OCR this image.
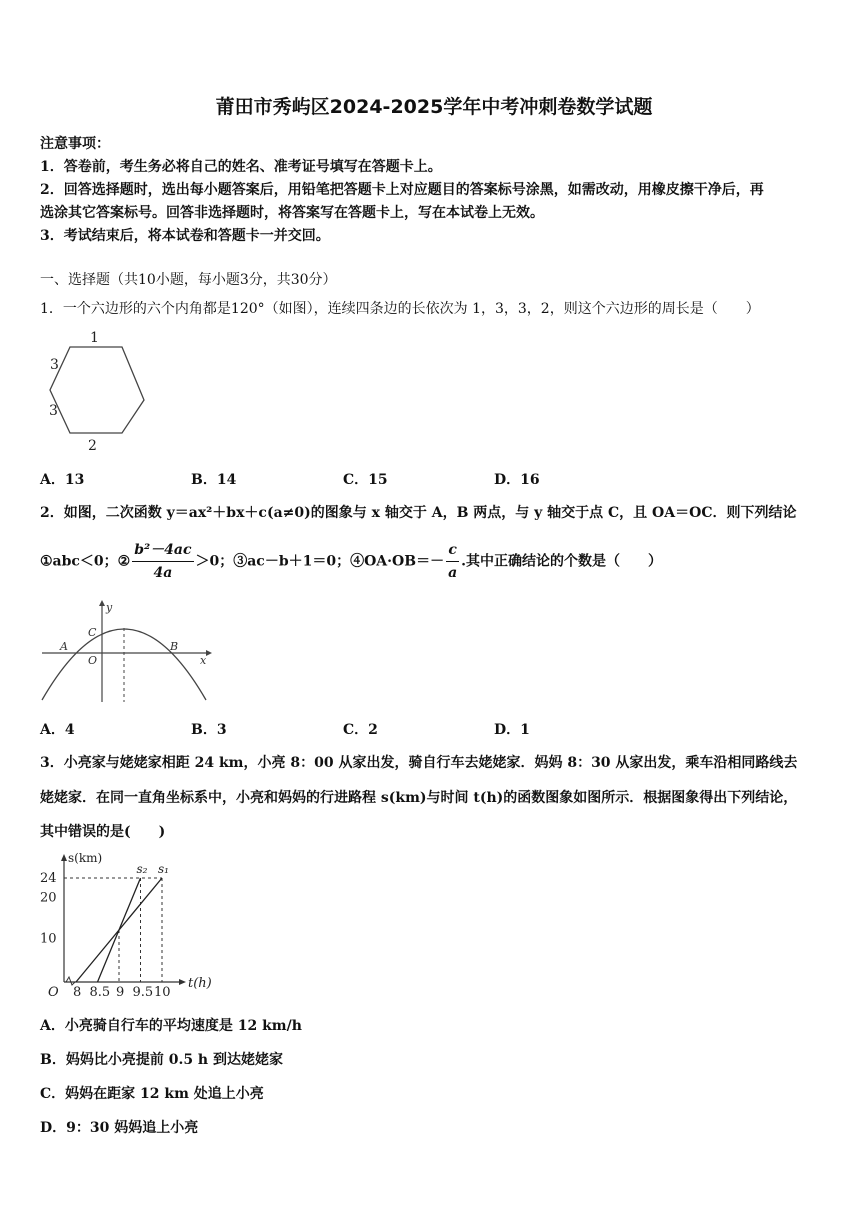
莆田市秀屿区2024-2025学年中考冲刺卷数学试题
注意事项：
1．答卷前，考生务必将自己的姓名、准考证号填写在答题卡上。
2．回答选择题时，选出每小题答案后，用铅笔把答题卡上对应题目的答案标号涂黑，如需改动，用橡皮擦干净后，再
选涂其它答案标号。回答非选择题时，将答案写在答题卡上，写在本试卷上无效。
3．考试结束后，将本试卷和答题卡一并交回。
一、选择题（共10小题，每小题3分，共30分）
1．一个六边形的六个内角都是120°（如图），连续四条边的长依次为 1，3，3，2，则这个六边形的周长是（　　）
1
3
3
2
A．13	B．14	C．15	D．16
2．如图，二次函数 y＝ax²＋bx＋c(a≠0)的图象与 x 轴交于 A，B 两点，与 y 轴交于点 C，且 OA＝OC．则下列结论
①abc＜0；② $\frac{\text{b²－4ac}}{4a} >0$；③ac－b＋1＝0；④OA·OB＝－ $\frac{c}{a}$ .其中正确结论的个数是（　　）
y
x
C
A
O
B
A．4	B．3	C．2	D．1
3．小亮家与姥姥家相距 24 km，小亮 8：00 从家出发，骑自行车去姥姥家．妈妈 8：30 从家出发，乘车沿相同路线去
姥姥家．在同一直角坐标系中，小亮和妈妈的行进路程 s(km)与时间 t(h)的函数图象如图所示．根据图象得出下列结论，
其中错误的是(　　)
s(km)
t(h)
O
s₁
s₂
24
20
10
8 8.5 9 9.5 10
A．小亮骑自行车的平均速度是 12 km/h
B．妈妈比小亮提前 0.5 h 到达姥姥家
C．妈妈在距家 12 km 处追上小亮
D．9：30 妈妈追上小亮
